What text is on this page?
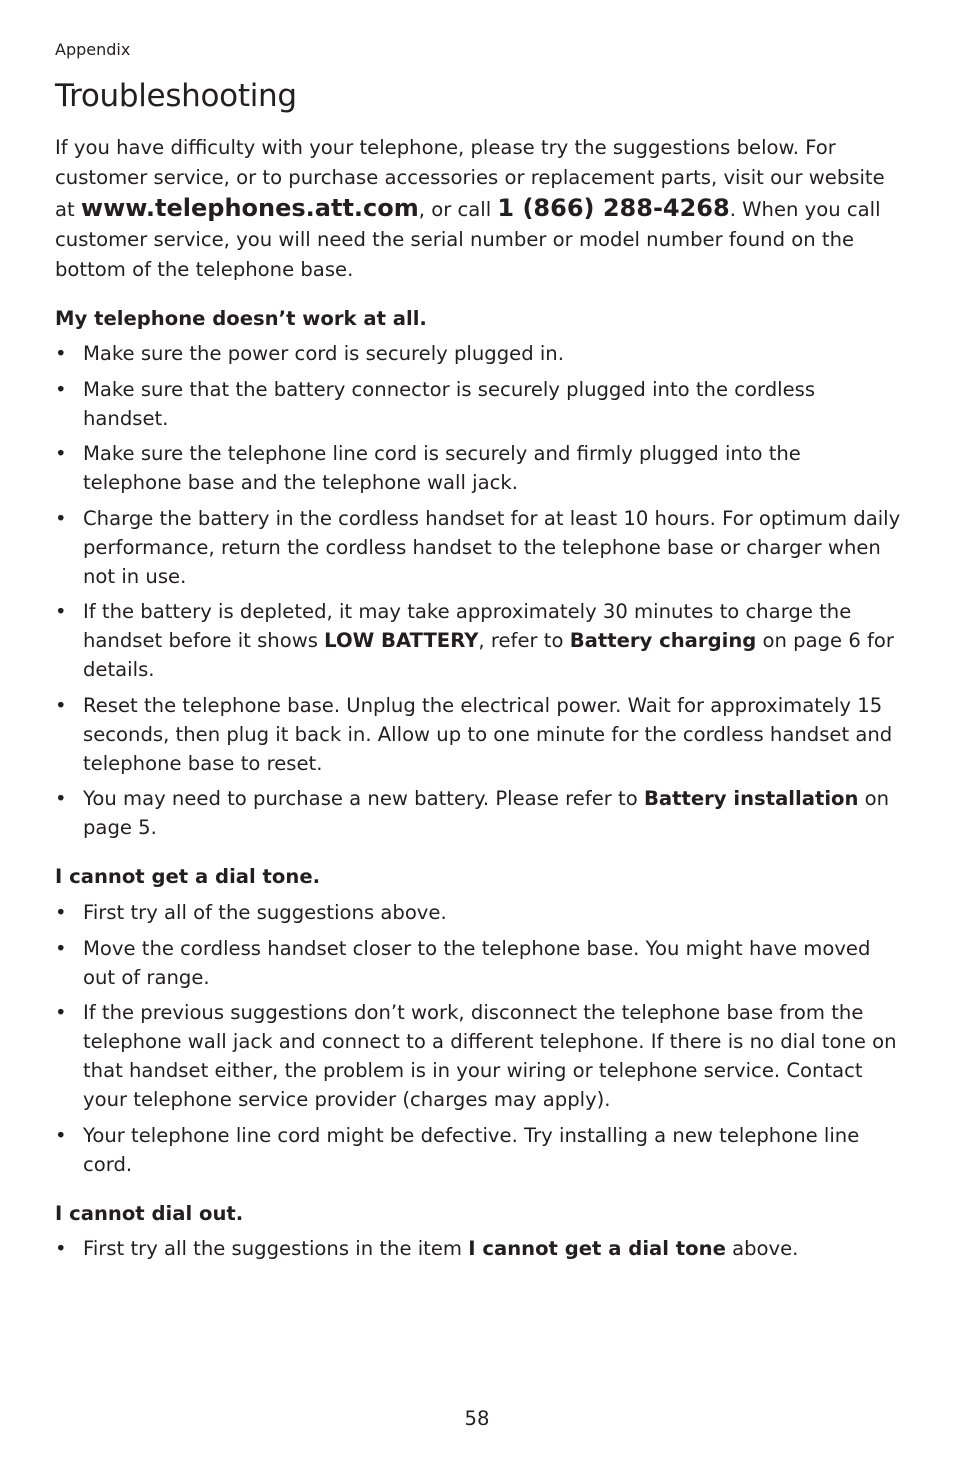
Appendix
Troubleshooting

If you have difficulty with your telephone, please try the suggestions below. For customer service, or to purchase accessories or replacement parts, visit our website at www.telephones.att.com, or call 1 (866) 288-4268. When you call customer service, you will need the serial number or model number found on the bottom of the telephone base.

My telephone doesn’t work at all.
• Make sure the power cord is securely plugged in.
• Make sure that the battery connector is securely plugged into the cordless handset.
• Make sure the telephone line cord is securely and firmly plugged into the telephone base and the telephone wall jack.
• Charge the battery in the cordless handset for at least 10 hours. For optimum daily performance, return the cordless handset to the telephone base or charger when not in use.
• If the battery is depleted, it may take approximately 30 minutes to charge the handset before it shows LOW BATTERY, refer to Battery charging on page 6 for details.
• Reset the telephone base. Unplug the electrical power. Wait for approximately 15 seconds, then plug it back in. Allow up to one minute for the cordless handset and telephone base to reset.
• You may need to purchase a new battery. Please refer to Battery installation on page 5.
I cannot get a dial tone.
• First try all of the suggestions above.
• Move the cordless handset closer to the telephone base. You might have moved out of range.
• If the previous suggestions don’t work, disconnect the telephone base from the telephone wall jack and connect to a different telephone. If there is no dial tone on that handset either, the problem is in your wiring or telephone service. Contact your telephone service provider (charges may apply).
• Your telephone line cord might be defective. Try installing a new telephone line cord.
I cannot dial out.
• First try all the suggestions in the item I cannot get a dial tone above.
58
